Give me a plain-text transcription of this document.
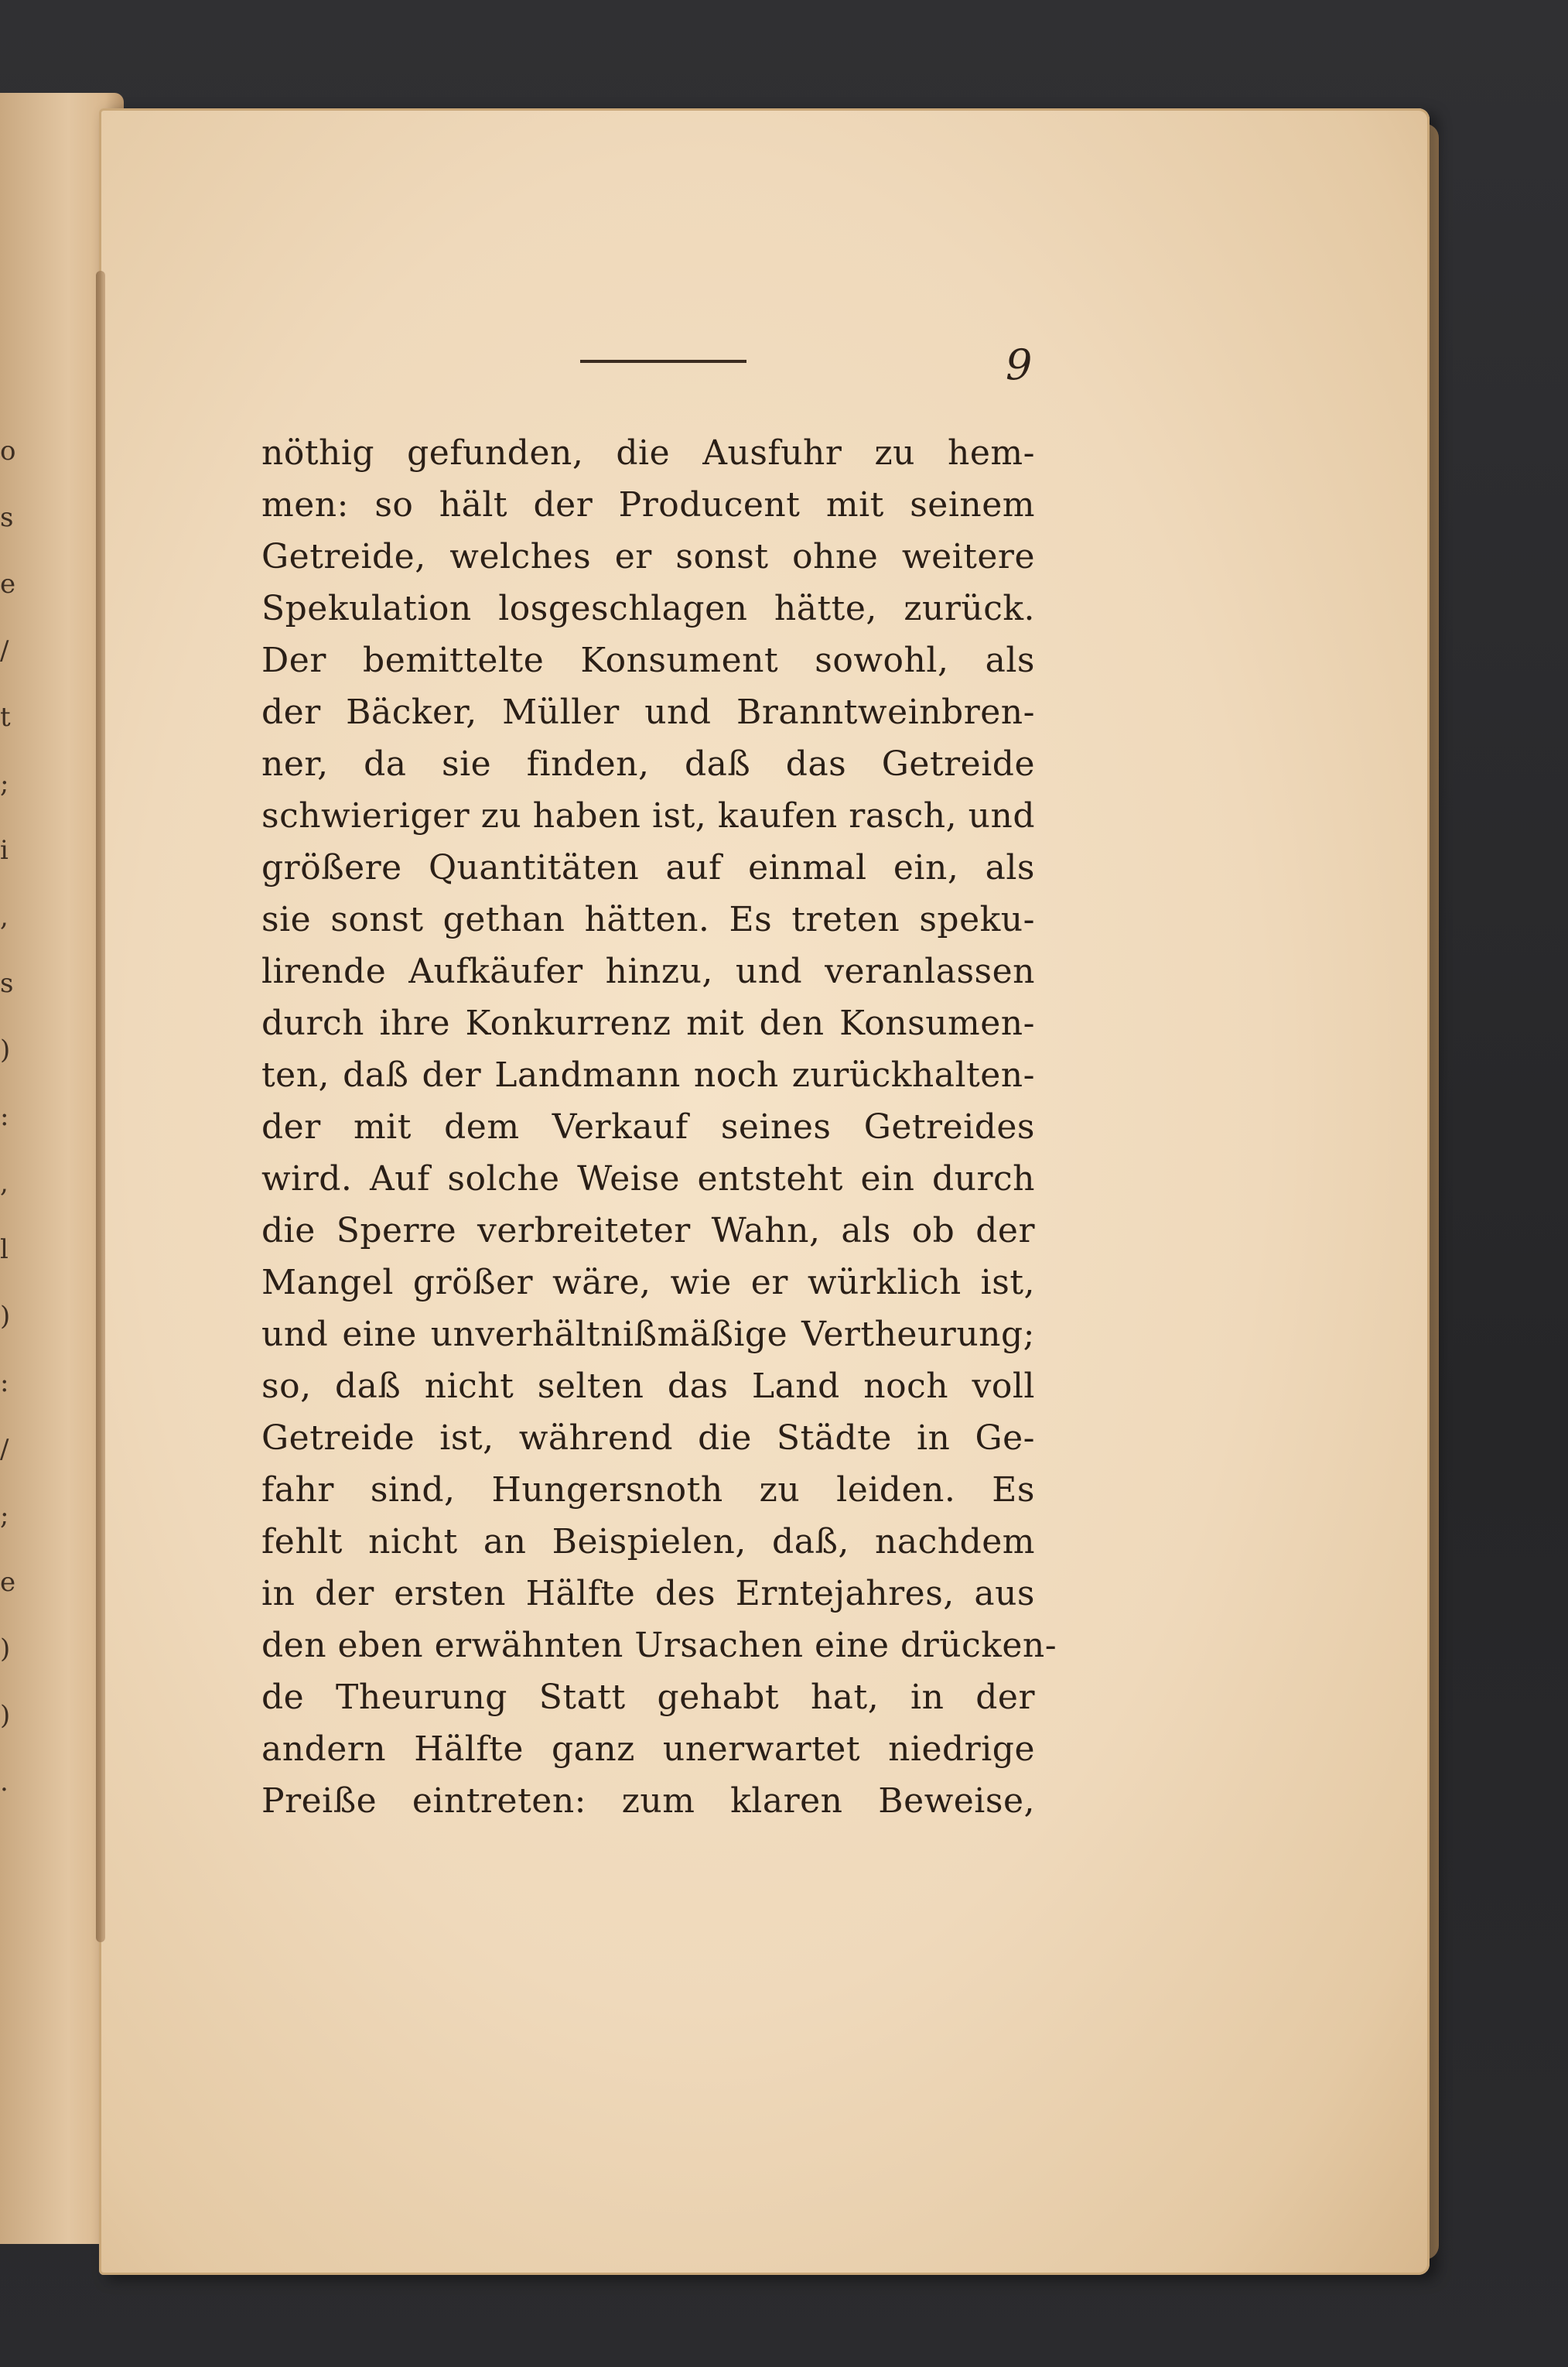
o
s
e
/
t
;
i
,
s
)
:
,
l
)
:
/
;
e
)
)
.
9
nöthig gefunden, die Ausfuhr zu hem-
men: so hält der Producent mit seinem
Getreide, welches er sonst ohne weitere
Spekulation losgeschlagen hätte, zurück.
Der bemittelte Konsument sowohl, als
der Bäcker, Müller und Branntweinbren-
ner, da sie finden, daß das Getreide
schwieriger zu haben ist, kaufen rasch, und
größere Quantitäten auf einmal ein, als
sie sonst gethan hätten. Es treten speku-
lirende Aufkäufer hinzu, und veranlassen
durch ihre Konkurrenz mit den Konsumen-
ten, daß der Landmann noch zurückhalten-
der mit dem Verkauf seines Getreides
wird. Auf solche Weise entsteht ein durch
die Sperre verbreiteter Wahn, als ob der
Mangel größer wäre, wie er würklich ist,
und eine unverhältnißmäßige Vertheurung;
so, daß nicht selten das Land noch voll
Getreide ist, während die Städte in Ge-
fahr sind, Hungersnoth zu leiden. Es
fehlt nicht an Beispielen, daß, nachdem
in der ersten Hälfte des Erntejahres, aus
den eben erwähnten Ursachen eine drücken-
de Theurung Statt gehabt hat, in der
andern Hälfte ganz unerwartet niedrige
Preiße eintreten: zum klaren Beweise,
